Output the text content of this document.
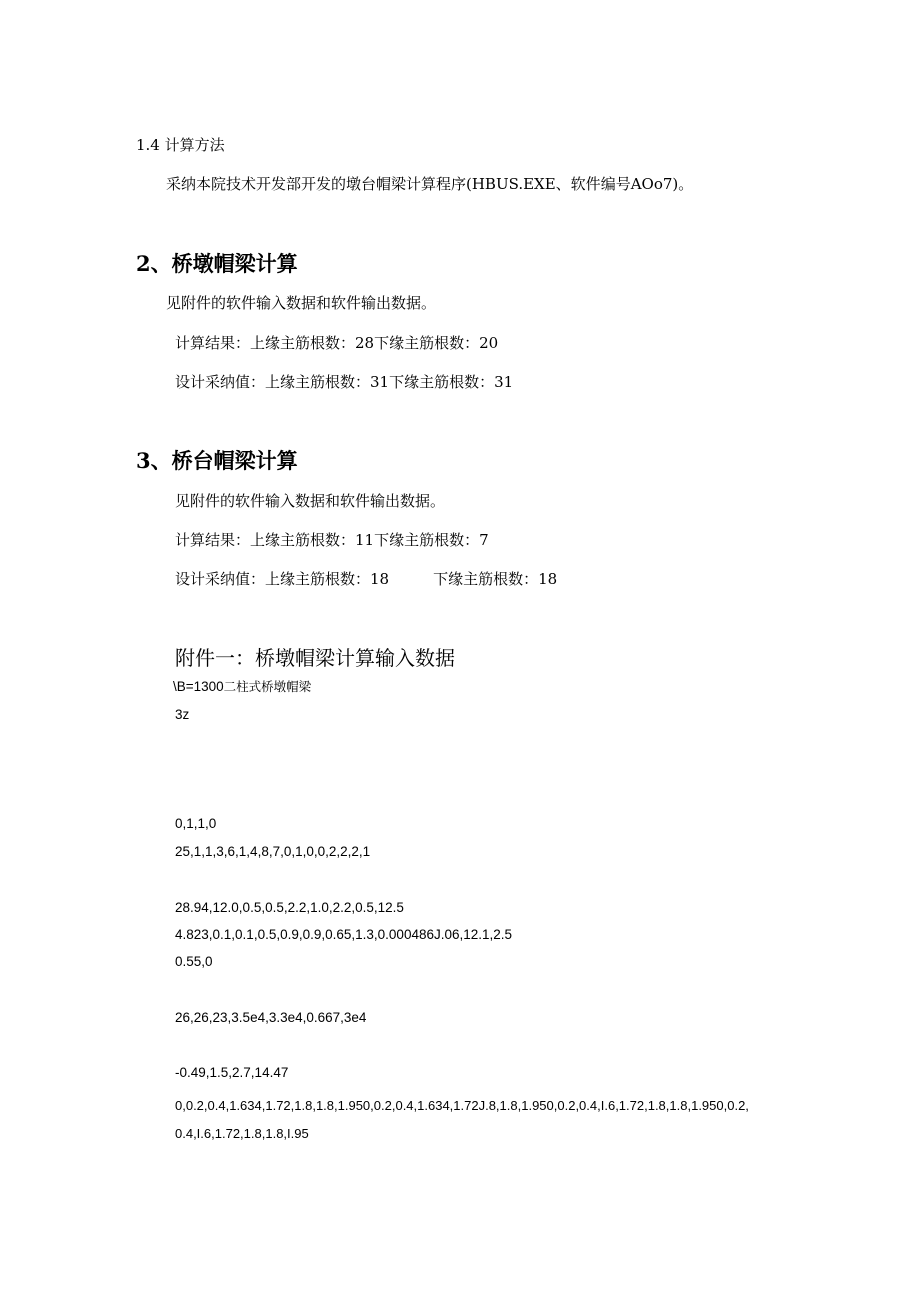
1.4 计算方法
采纳本院技术开发部开发的墩台帽梁计算程序(HBUS.EXE、软件编号AOo7)。
2、桥墩帽梁计算
见附件的软件输入数据和软件输出数据。
计算结果：上缘主筋根数：28下缘主筋根数：20
设计采纳值：上缘主筋根数：31下缘主筋根数：31
3、桥台帽梁计算
见附件的软件输入数据和软件输出数据。
计算结果：上缘主筋根数：11下缘主筋根数：7
设计采纳值：上缘主筋根数：18	下缘主筋根数：18
附件一：桥墩帽梁计算输入数据
\B=1300二柱式桥墩帽梁
3z
0,1,1,0
25,1,1,3,6,1,4,8,7,0,1,0,0,2,2,2,1
28.94,12.0,0.5,0.5,2.2,1.0,2.2,0.5,12.5
4.823,0.1,0.1,0.5,0.9,0.9,0.65,1.3,0.000486J.06,12.1,2.5
0.55,0
26,26,23,3.5e4,3.3e4,0.667,3e4
-0.49,1.5,2.7,14.47
0,0.2,0.4,1.634,1.72,1.8,1.8,1.950,0.2,0.4,1.634,1.72J.8,1.8,1.950,0.2,0.4,I.6,1.72,1.8,1.8,1.950,0.2,
0.4,I.6,1.72,1.8,1.8,I.95
